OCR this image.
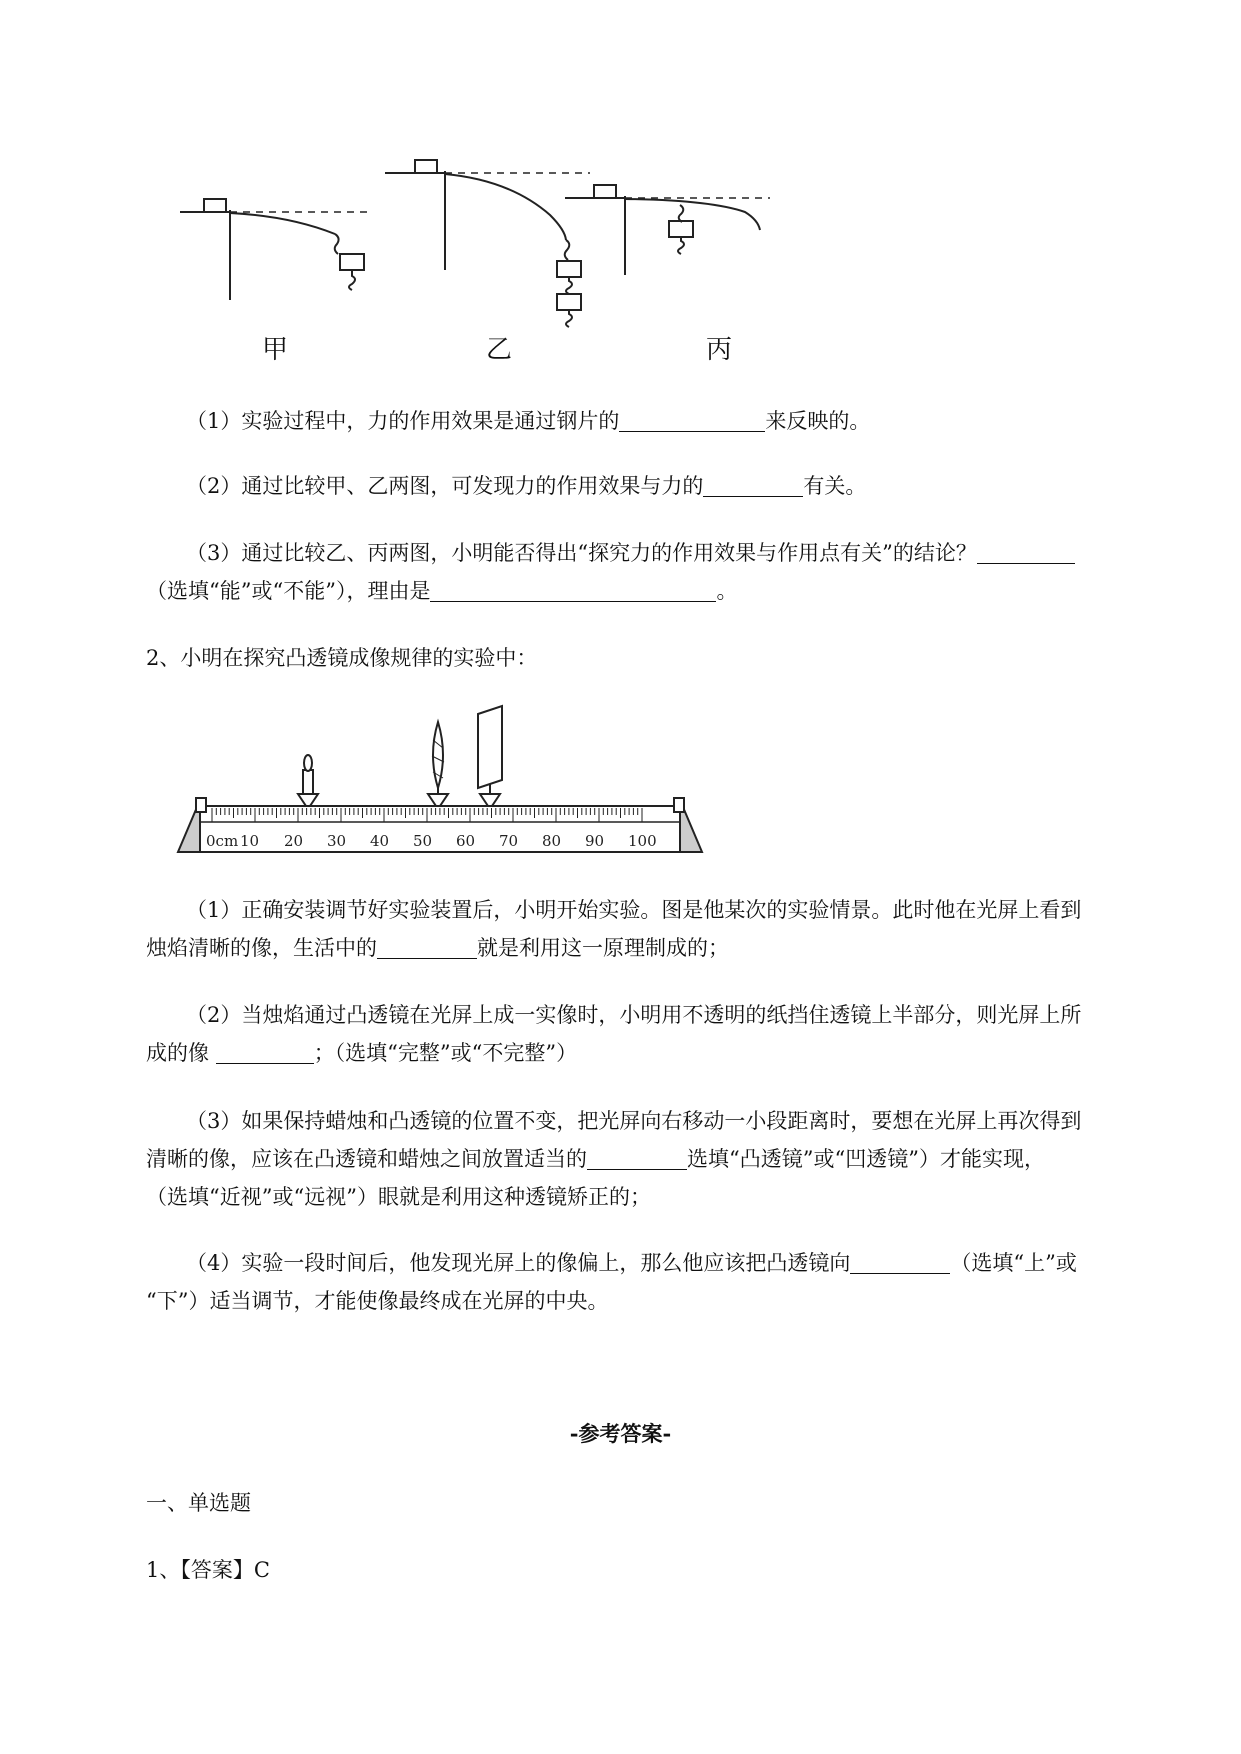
甲	乙	丙
（1）实验过程中，力的作用效果是通过钢片的	来反映的。
（2）通过比较甲、乙两图，可发现力的作用效果与力的	有关。
（3）通过比较乙、丙两图，小明能否得出“探究力的作用效果与作用点有关”的结论？
（选填“能”或“不能”），理由是	。
2、小明在探究凸透镜成像规律的实验中：
0cm 10 20 30 40 50 60 70 80 90 100
（1）正确安装调节好实验装置后，小明开始实验。图是他某次的实验情景。此时他在光屏上看到
烛焰清晰的像，生活中的	就是利用这一原理制成的；
（2）当烛焰通过凸透镜在光屏上成一实像时，小明用不透明的纸挡住透镜上半部分，则光屏上所
成的像	；（选填“完整”或“不完整”）
（3）如果保持蜡烛和凸透镜的位置不变，把光屏向右移动一小段距离时，要想在光屏上再次得到
清晰的像，应该在凸透镜和蜡烛之间放置适当的	选填“凸透镜”或“凹透镜”）才能实现，
（选填“近视”或“远视”）眼就是利用这种透镜矫正的；
（4）实验一段时间后，他发现光屏上的像偏上，那么他应该把凸透镜向	（选填“上”或
“下”）适当调节，才能使像最终成在光屏的中央。
-参考答案-
一、单选题
1、【答案】C
